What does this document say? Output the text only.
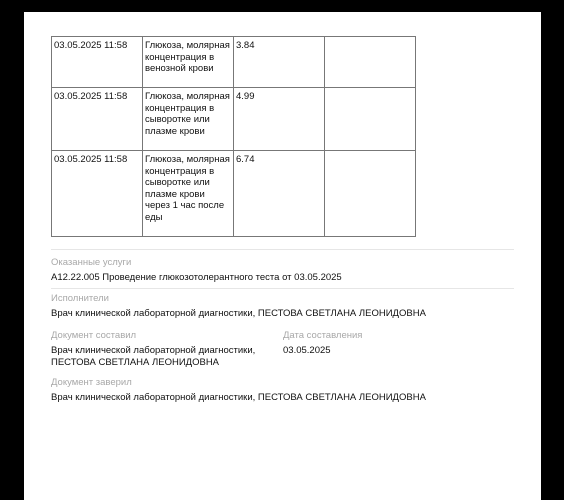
03.05.2025 11:58	Глюкоза, молярная концентрация в венозной крови	3.84	
03.05.2025 11:58	Глюкоза, молярная концентрация в сыворотке или плазме крови	4.99	
03.05.2025 11:58	Глюкоза, молярная концентрация в сыворотке или плазме крови через 1 час после еды	6.74	
Оказанные услуги
A12.22.005 Проведение глюкозотолерантного теста от 03.05.2025
Исполнители
Врач клинической лабораторной диагностики, ПЕСТОВА СВЕТЛАНА ЛЕОНИДОВНА
Документ составил
Врач клинической лабораторной диагностики, ПЕСТОВА СВЕТЛАНА ЛЕОНИДОВНА
Дата составления
03.05.2025
Документ заверил
Врач клинической лабораторной диагностики, ПЕСТОВА СВЕТЛАНА ЛЕОНИДОВНА
